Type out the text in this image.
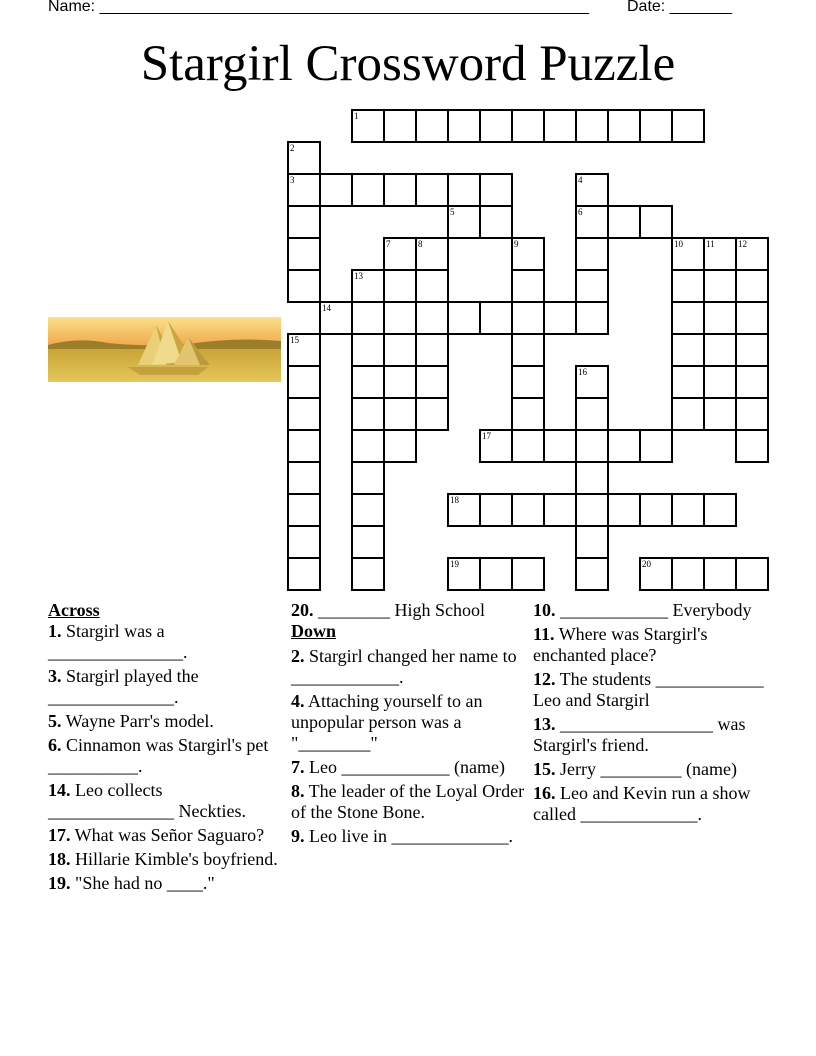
Name: _______________________________________________________ Date: _______
Stargirl Crossword Puzzle
1
2
3	4
5	6
7	8	9	10	11	12
13
14
15
16
17
18
19	20
Across
1. Stargirl was a _______________.
3. Stargirl played the ______________.
5. Wayne Parr's model.
6. Cinnamon was Stargirl's pet __________.
14. Leo collects ______________ Neckties.
17. What was Señor Saguaro?
18. Hillarie Kimble's boyfriend.
19. "She had no ____."
20. ________ High School
Down
2. Stargirl changed her name to ____________.
4. Attaching yourself to an unpopular person was a "________"
7. Leo ____________ (name)
8. The leader of the Loyal Order of the Stone Bone.
9. Leo live in _____________.
10. ____________ Everybody
11. Where was Stargirl's enchanted place?
12. The students ____________ Leo and Stargirl
13. _________________ was Stargirl's friend.
15. Jerry _________ (name)
16. Leo and Kevin run a show called _____________.
